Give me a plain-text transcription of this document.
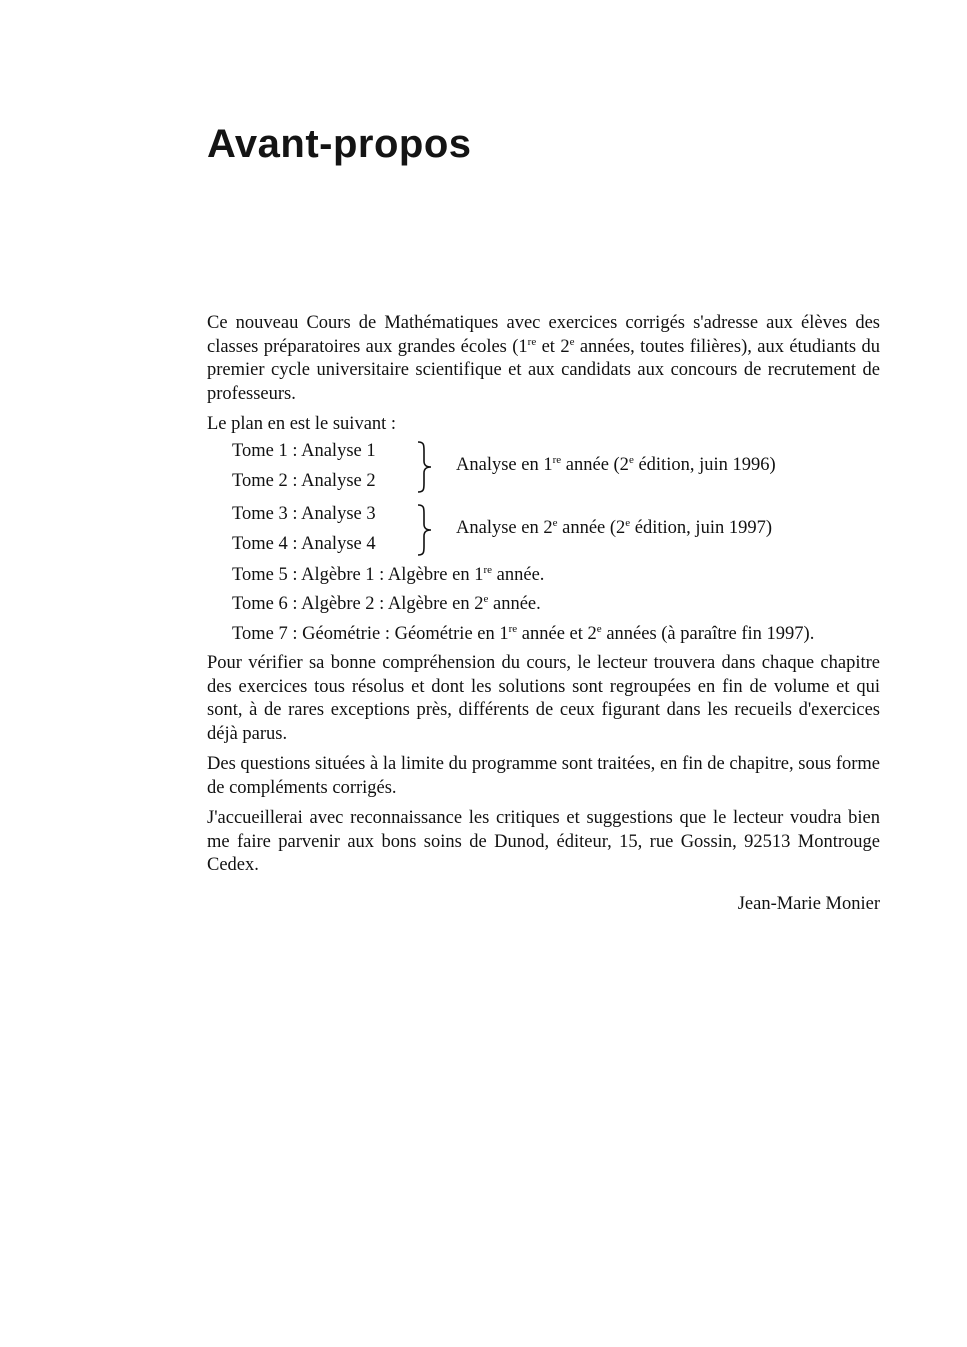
Avant-propos

Ce nouveau Cours de Mathématiques avec exercices corrigés s'adresse aux élèves des classes préparatoires aux grandes écoles (1re et 2e années, toutes filières), aux étudiants du premier cycle universitaire scientifique et aux candidats aux concours de recrutement de professeurs.

Le plan en est le suivant :
Tome 1 : Analyse 1
Tome 2 : Analyse 2
Analyse en 1re année (2e édition, juin 1996)
Tome 3 : Analyse 3
Tome 4 : Analyse 4
Analyse en 2e année (2e édition, juin 1997)
Tome 5 : Algèbre 1 : Algèbre en 1re année.
Tome 6 : Algèbre 2 : Algèbre en 2e année.
Tome 7 : Géométrie : Géométrie en 1re année et 2e années (à paraître fin 1997).

Pour vérifier sa bonne compréhension du cours, le lecteur trouvera dans chaque chapitre des exercices tous résolus et dont les solutions sont regroupées en fin de volume et qui sont, à de rares exceptions près, différents de ceux figurant dans les recueils d'exercices déjà parus.

Des questions situées à la limite du programme sont traitées, en fin de chapitre, sous forme de compléments corrigés.

J'accueillerai avec reconnaissance les critiques et suggestions que le lecteur voudra bien me faire parvenir aux bons soins de Dunod, éditeur, 15, rue Gossin, 92513 Montrouge Cedex.

Jean-Marie Monier
